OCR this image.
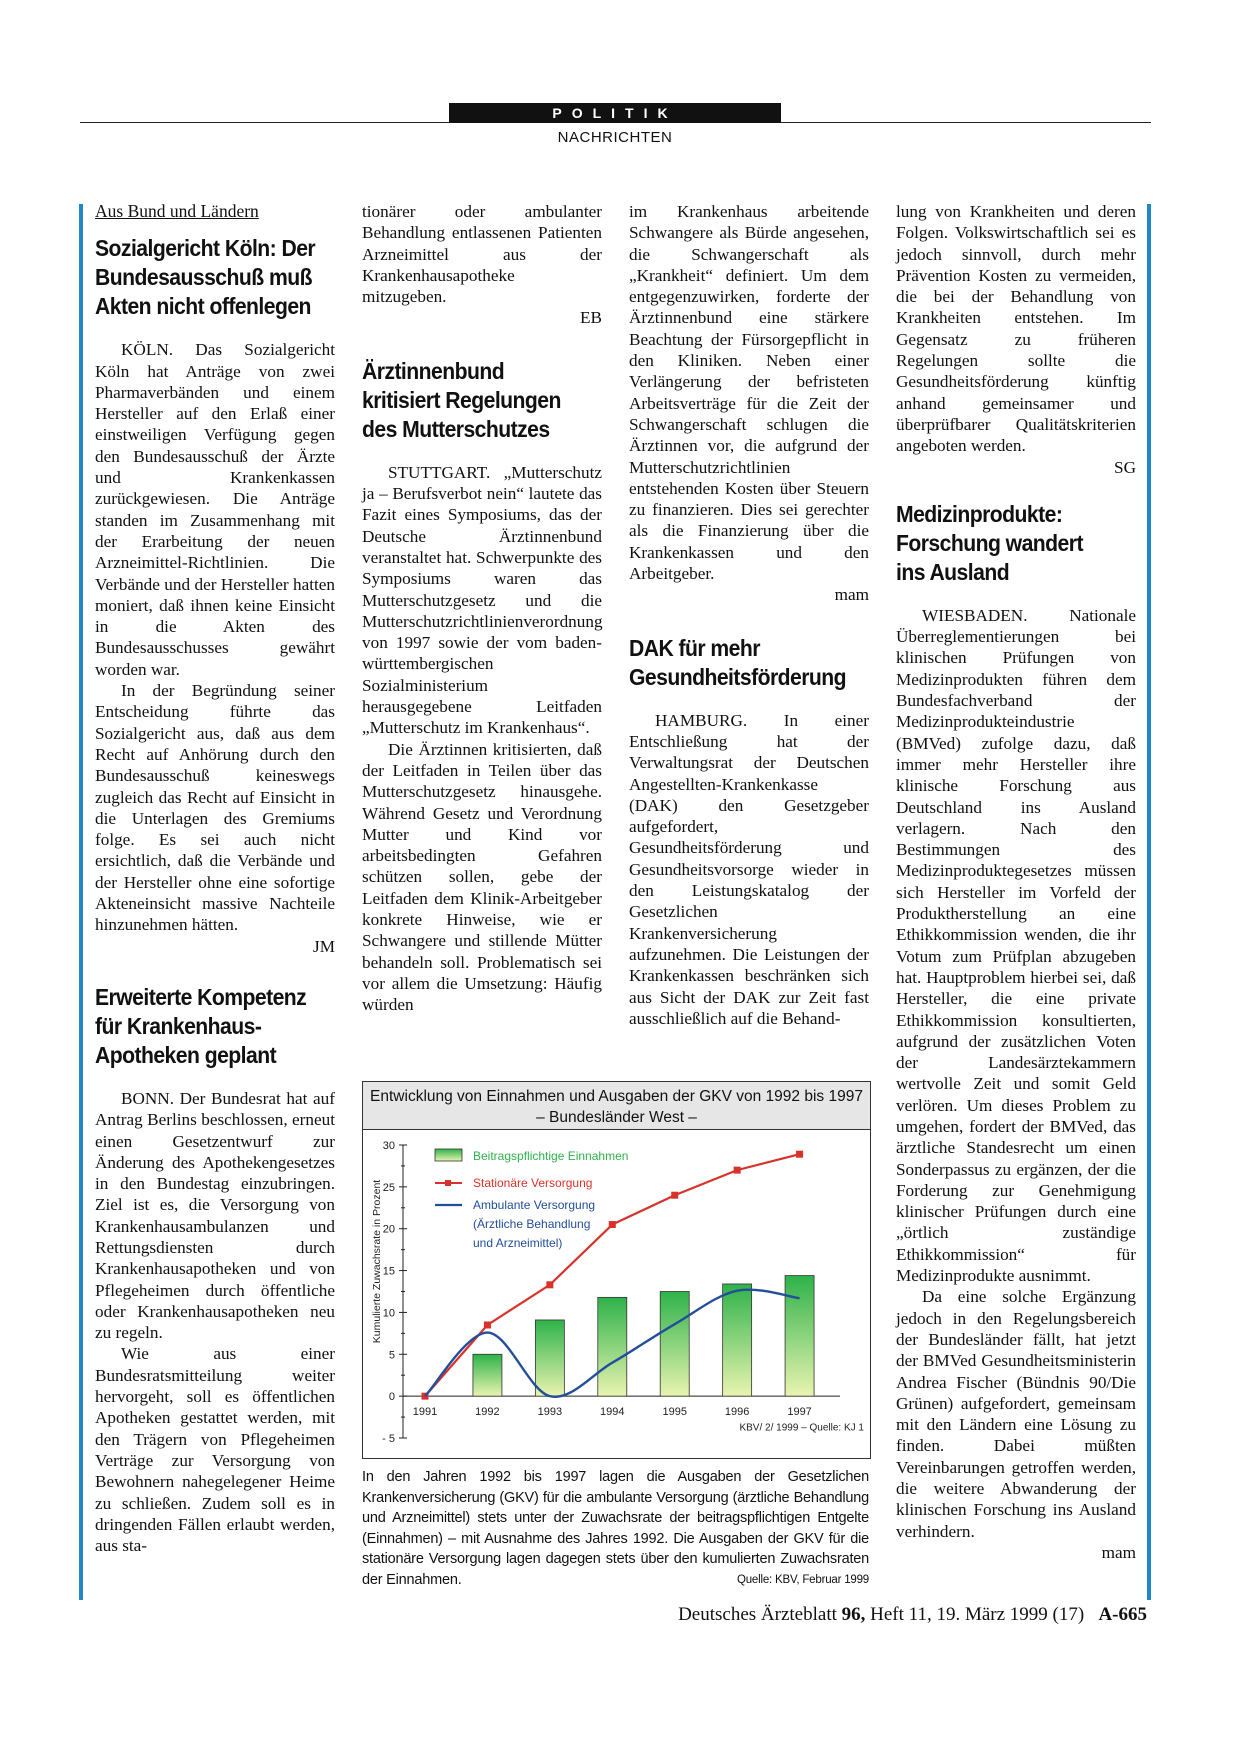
POLITIK
NACHRICHTEN
Aus Bund und Ländern
Sozialgericht Köln: Der Bundesausschuß muß Akten nicht offenlegen

KÖLN. Das Sozialgericht Köln hat Anträge von zwei Pharmaverbänden und einem Hersteller auf den Erlaß einer einstweiligen Verfügung gegen den Bundesausschuß der Ärzte und Krankenkassen zurückgewiesen. Die Anträge standen im Zusammenhang mit der Erarbeitung der neuen Arzneimittel-Richtlinien. Die Verbände und der Hersteller hatten moniert, daß ihnen keine Einsicht in die Akten des Bundesausschusses gewährt worden war.

In der Begründung seiner Entscheidung führte das Sozialgericht aus, daß aus dem Recht auf Anhörung durch den Bundesausschuß keineswegs zugleich das Recht auf Einsicht in die Unterlagen des Gremiums folge. Es sei auch nicht ersichtlich, daß die Verbände und der Hersteller ohne eine sofortige Akteneinsicht massive Nachteile hinzunehmen hätten.

JM

Erweiterte Kompetenz für Krankenhaus-Apotheken geplant

BONN. Der Bundesrat hat auf Antrag Berlins beschlossen, erneut einen Gesetzentwurf zur Änderung des Apothekengesetzes in den Bundestag einzubringen. Ziel ist es, die Versorgung von Krankenhausambulanzen und Rettungsdiensten durch Krankenhausapotheken und von Pflegeheimen durch öffentliche oder Krankenhausapotheken neu zu regeln.

Wie aus einer Bundesratsmitteilung weiter hervorgeht, soll es öffentlichen Apotheken gestattet werden, mit den Trägern von Pflegeheimen Verträge zur Versorgung von Bewohnern nahegelegener Heime zu schließen. Zudem soll es in dringenden Fällen erlaubt werden, aus sta-

tionärer oder ambulanter Behandlung entlassenen Patienten Arzneimittel aus der Krankenhausapotheke mitzugeben.

EB

Ärztinnenbund kritisiert Regelungen des Mutterschutzes

STUTTGART. „Mutterschutz ja – Berufsverbot nein“ lautete das Fazit eines Symposiums, das der Deutsche Ärztinnenbund veranstaltet hat. Schwerpunkte des Symposiums waren das Mutterschutzgesetz und die Mutterschutzrichtlinienverordnung von 1997 sowie der vom baden-württembergischen Sozialministerium herausgegebene Leitfaden „Mutterschutz im Krankenhaus“.

Die Ärztinnen kritisierten, daß der Leitfaden in Teilen über das Mutterschutzgesetz hinausgehe. Während Gesetz und Verordnung Mutter und Kind vor arbeitsbedingten Gefahren schützen sollen, gebe der Leitfaden dem Klinik-Arbeitgeber konkrete Hinweise, wie er Schwangere und stillende Mütter behandeln soll. Problematisch sei vor allem die Umsetzung: Häufig würden

im Krankenhaus arbeitende Schwangere als Bürde angesehen, die Schwangerschaft als „Krankheit“ definiert. Um dem entgegenzuwirken, forderte der Ärztinnenbund eine stärkere Beachtung der Fürsorgepflicht in den Kliniken. Neben einer Verlängerung der befristeten Arbeitsverträge für die Zeit der Schwangerschaft schlugen die Ärztinnen vor, die aufgrund der Mutterschutzrichtlinien entstehenden Kosten über Steuern zu finanzieren. Dies sei gerechter als die Finanzierung über die Krankenkassen und den Arbeitgeber.

mam

DAK für mehr Gesundheitsförderung

HAMBURG. In einer Entschließung hat der Verwaltungsrat der Deutschen Angestellten-Krankenkasse (DAK) den Gesetzgeber aufgefordert, Gesundheitsförderung und Gesundheitsvorsorge wieder in den Leistungskatalog der Gesetzlichen Krankenversicherung aufzunehmen. Die Leistungen der Krankenkassen beschränken sich aus Sicht der DAK zur Zeit fast ausschließlich auf die Behand-

lung von Krankheiten und deren Folgen. Volkswirtschaftlich sei es jedoch sinnvoll, durch mehr Prävention Kosten zu vermeiden, die bei der Behandlung von Krankheiten entstehen. Im Gegensatz zu früheren Regelungen sollte die Gesundheitsförderung künftig anhand gemeinsamer und überprüfbarer Qualitätskriterien angeboten werden.

SG

Medizinprodukte: Forschung wandert ins Ausland

WIESBADEN. Nationale Überreglementierungen bei klinischen Prüfungen von Medizinprodukten führen dem Bundesfachverband der Medizinprodukteindustrie (BMVed) zufolge dazu, daß immer mehr Hersteller ihre klinische Forschung aus Deutschland ins Ausland verlagern. Nach den Bestimmungen des Medizinproduktegesetzes müssen sich Hersteller im Vorfeld der Produktherstellung an eine Ethikkommission wenden, die ihr Votum zum Prüfplan abzugeben hat. Hauptproblem hierbei sei, daß Hersteller, die eine private Ethikkommission konsultierten, aufgrund der zusätzlichen Voten der Landesärztekammern wertvolle Zeit und somit Geld verlören. Um dieses Problem zu umgehen, fordert der BMVed, das ärztliche Standesrecht um einen Sonderpassus zu ergänzen, der die Forderung zur Genehmigung klinischer Prüfungen durch eine „örtlich zuständige Ethikkommission“ für Medizinprodukte ausnimmt.

Da eine solche Ergänzung jedoch in den Regelungsbereich der Bundesländer fällt, hat jetzt der BMVed Gesundheitsministerin Andrea Fischer (Bündnis 90/Die Grünen) aufgefordert, gemeinsam mit den Ländern eine Lösung zu finden. Dabei müßten Vereinbarungen getroffen werden, die weitere Abwanderung der klinischen Forschung ins Ausland verhindern.

mam

Entwicklung von Einnahmen und Ausgaben der GKV von 1992 bis 1997
– Bundesländer West –
- 5
0
5
10
15
20
25
30
Kumulierte Zuwachsrate in Prozent
1991	1992	1993	1994	1995	1996	1997
Beitragspflichtige Einnahmen
Stationäre Versorgung
Ambulante Versorgung
(Ärztliche Behandlung
und Arzneimittel)
KBV/ 2/ 1999 – Quelle: KJ 1
In den Jahren 1992 bis 1997 lagen die Ausgaben der Gesetzlichen Krankenversicherung (GKV) für die ambulante Versorgung (ärztliche Behandlung und Arzneimittel) stets unter der Zuwachsrate der beitragspflichtigen Entgelte (Einnahmen) – mit Ausnahme des Jahres 1992. Die Ausgaben der GKV für die stationäre Versorgung lagen dagegen stets über den kumulierten Zuwachsraten der Einnahmen.	Quelle: KBV, Februar 1999
Deutsches Ärzteblatt 96, Heft 11, 19. März 1999 (17) A-665
